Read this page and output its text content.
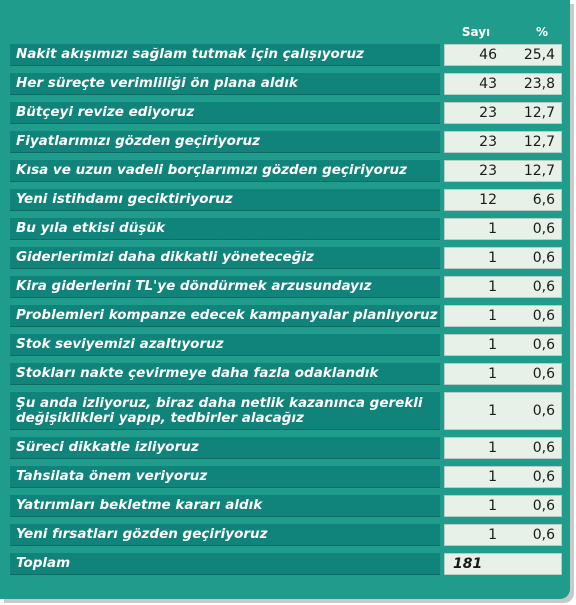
Sayı	%
Nakit akışımızı sağlam tutmak için çalışıyoruz	46 25,4
Her süreçte verimliliği ön plana aldık	43 23,8
Bütçeyi revize ediyoruz	23 12,7
Fiyatlarımızı gözden geçiriyoruz	23 12,7
Kısa ve uzun vadeli borçlarımızı gözden geçiriyoruz	23 12,7
Yeni istihdamı geciktiriyoruz	12	6,6
Bu yıla etkisi düşük	1	0,6
Giderlerimizi daha dikkatli yöneteceğiz	1	0,6
Kira giderlerini TL'ye döndürmek arzusundayız	1	0,6
Problemleri kompanze edecek kampanyalar planlıyoruz	1	0,6
Stok seviyemizi azaltıyoruz	1	0,6
Stokları nakte çevirmeye daha fazla odaklandık	1	0,6
Şu anda izliyoruz, biraz daha netlik kazanınca gerekli değişiklikleri yapıp, tedbirler alacağız	1	0,6
Süreci dikkatle izliyoruz	1	0,6
Tahsilata önem veriyoruz	1	0,6
Yatırımları bekletme kararı aldık	1	0,6
Yeni fırsatları gözden geçiriyoruz	1	0,6
Toplam	181
